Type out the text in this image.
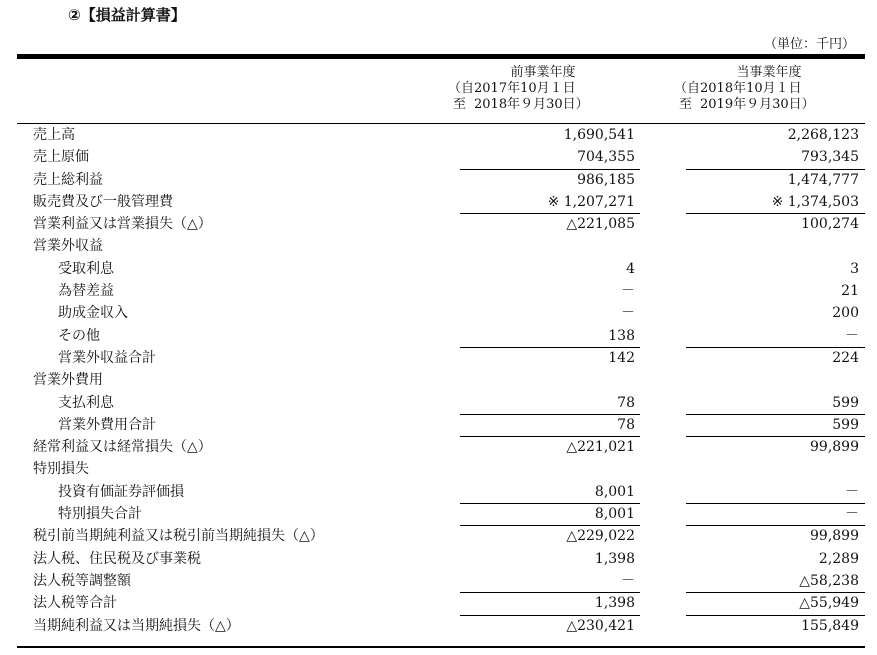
②【損益計算書】
（単位：千円）
前事業年度
（自 2017年10月１日
至 2018年９月30日）
当事業年度
（自 2018年10月１日
至 2019年９月30日）
売上高	1,690,541	2,268,123
売上原価	704,355	793,345
売上総利益	986,185	1,474,777
販売費及び一般管理費	※ 1,207,271	※ 1,374,503
営業利益又は営業損失（△）	△221,085	100,274
営業外収益
受取利息	4	3
為替差益	－	21
助成金収入	－	200
その他	138	－
営業外収益合計	142	224
営業外費用
支払利息	78	599
営業外費用合計	78	599
経常利益又は経常損失（△）	△221,021	99,899
特別損失
投資有価証券評価損	8,001	－
特別損失合計	8,001	－
税引前当期純利益又は税引前当期純損失（△）	△229,022	99,899
法人税、住民税及び事業税	1,398	2,289
法人税等調整額	－	△58,238
法人税等合計	1,398	△55,949
当期純利益又は当期純損失（△）	△230,421	155,849
